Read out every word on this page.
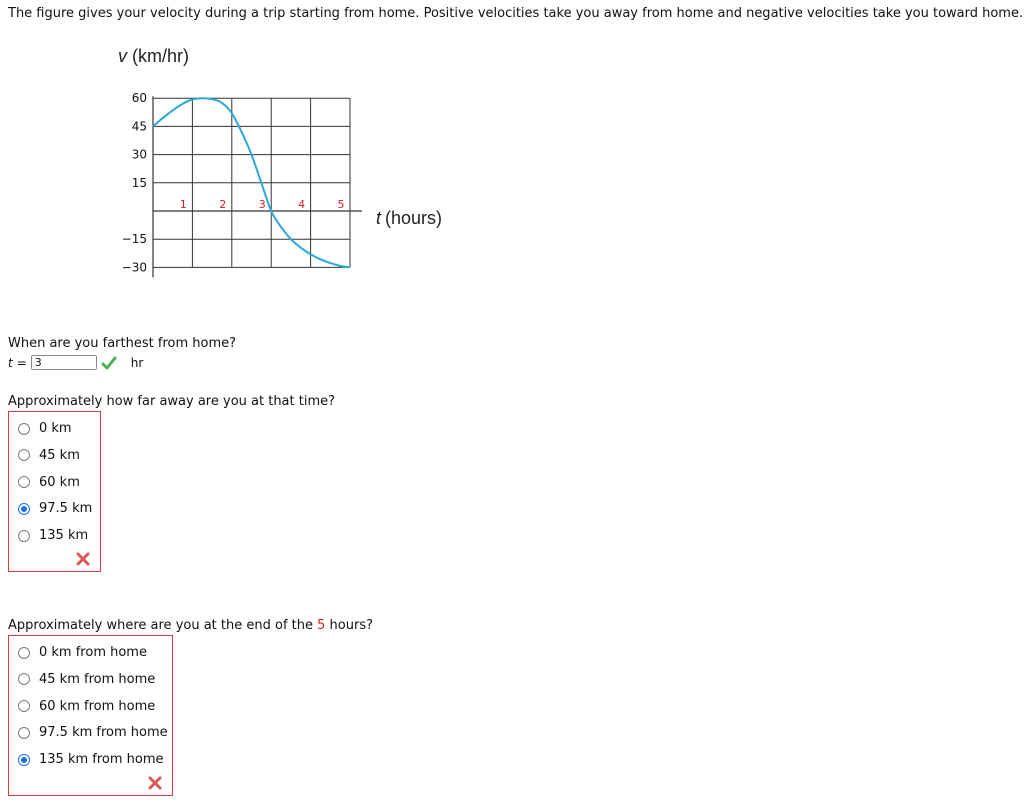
The figure gives your velocity during a trip starting from home. Positive velocities take you away from home and negative velocities take you toward home.
v (km/hr)
t (hours)
60
45
30
15
−15
−30
1	2	3	4	5
When are you farthest from home?
t =
3	hr
Approximately how far away are you at that time?
0 km
45 km
60 km
97.5 km
135 km
Approximately where are you at the end of the 5 hours?
0 km from home
45 km from home
60 km from home
97.5 km from home
135 km from home
